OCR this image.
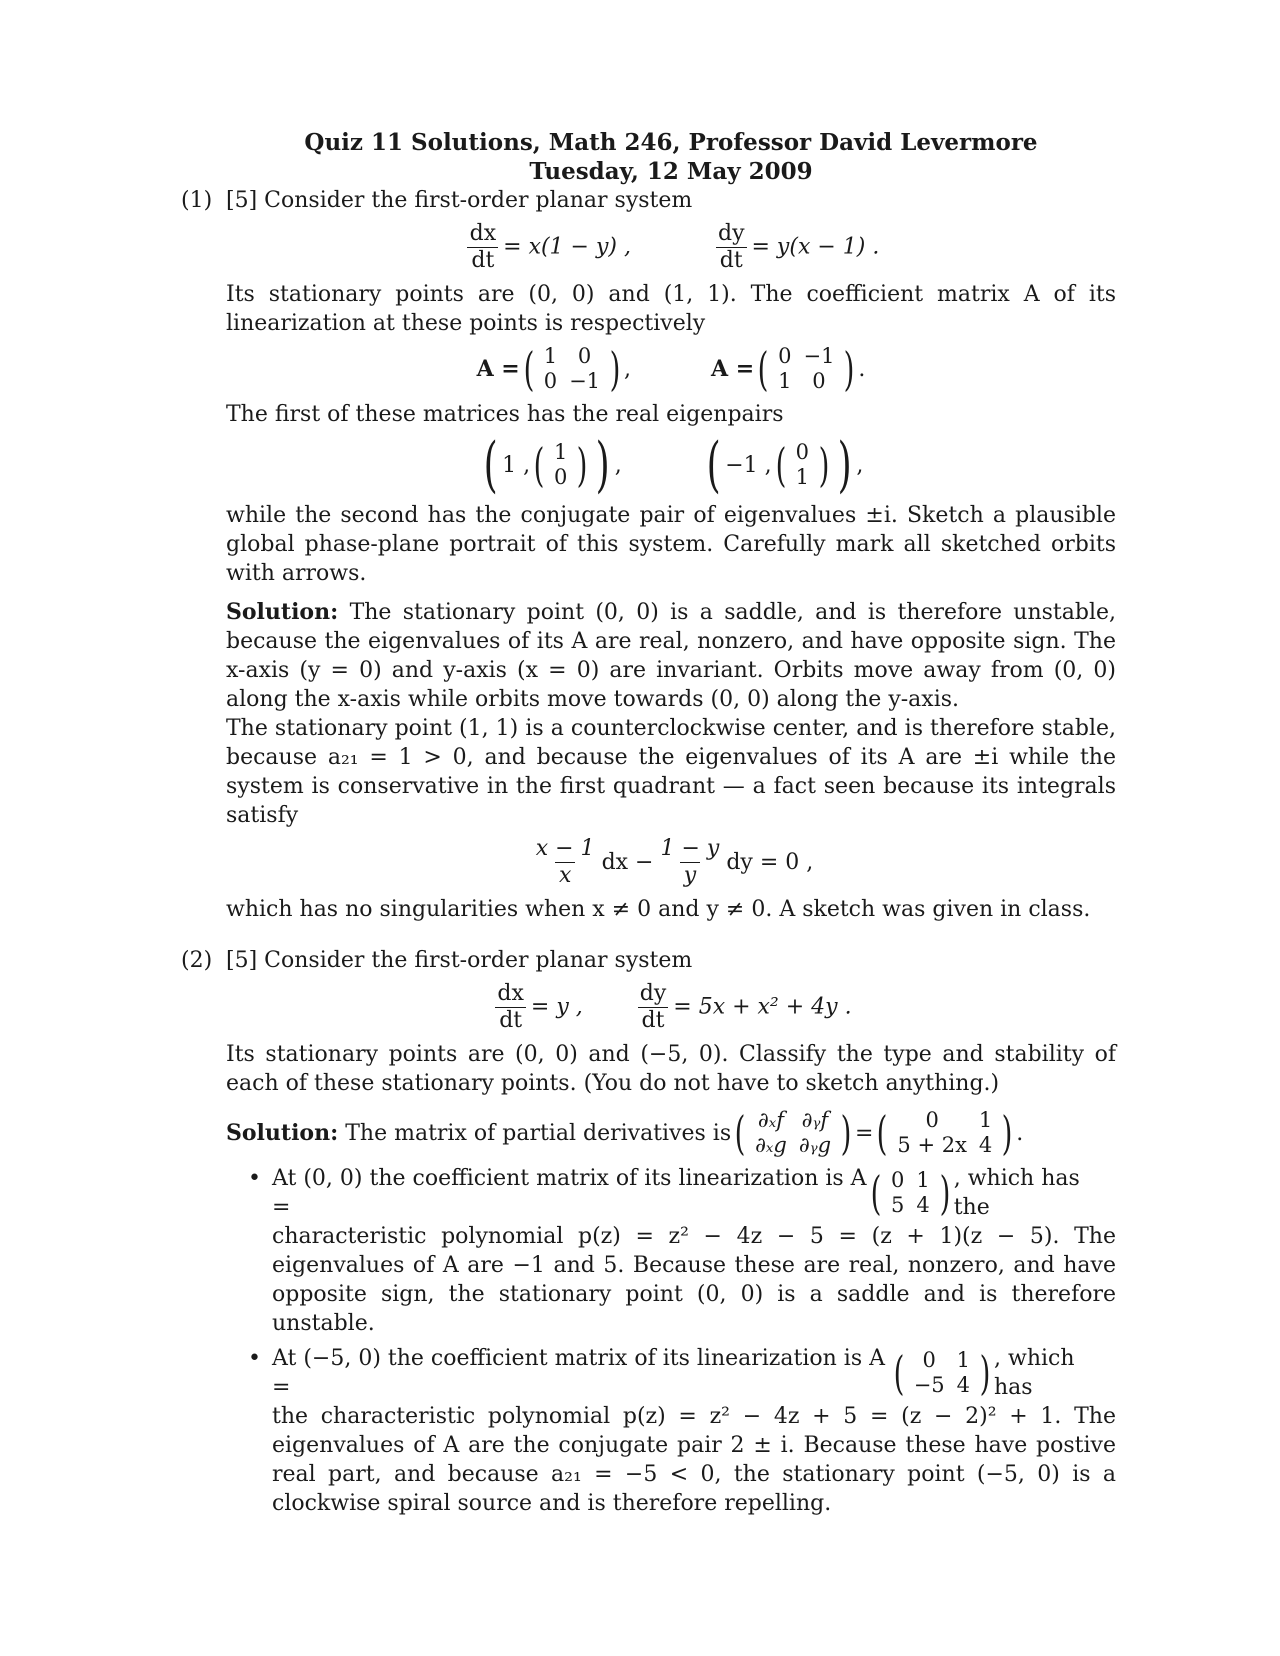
Quiz 11 Solutions, Math 246, Professor David Levermore
Tuesday, 12 May 2009
(1) [5] Consider the first-order planar system

$\frac{dx}{dt} = x(1 - y)$ ,	$\frac{dy}{dt} = y(x - 1)$ .

Its stationary points are (0, 0) and (1, 1). The coefficient matrix A of its linearization at these points is respectively

A = ( 1	0
0	−1 ) ,	A = ( 0	−1
1	0 ) .

The first of these matrices has the real eigenpairs

( 1 , ( 1
0 ) ) , ( −1 , ( 0
1 ) ) ,

while the second has the conjugate pair of eigenvalues ±i. Sketch a plausible global phase-plane portrait of this system. Carefully mark all sketched orbits with arrows.

Solution: The stationary point (0, 0) is a saddle, and is therefore unstable, because the eigenvalues of its A are real, nonzero, and have opposite sign. The x-axis (y = 0) and y-axis (x = 0) are invariant. Orbits move away from (0, 0) along the x-axis while orbits move towards (0, 0) along the y-axis.

The stationary point (1, 1) is a counterclockwise center, and is therefore stable, because a₂₁ = 1 > 0, and because the eigenvalues of its A are ±i while the system is conservative in the first quadrant — a fact seen because its integrals satisfy

$\frac{x - 1}{x}$ dx − $\frac{1 - y}{y}$ dy = 0 ,

which has no singularities when x ≠ 0 and y ≠ 0. A sketch was given in class.

(2) [5] Consider the first-order planar system

$\frac{dx}{dt} = y$ , $\frac{dy}{dt} = 5x + x^2 + 4y$ .

Its stationary points are (0, 0) and (−5, 0). Classify the type and stability of each of these stationary points. (You do not have to sketch anything.)

Solution:
The matrix of partial derivatives is ( ∂ₓf	∂ᵧf
∂ₓg	∂ᵧg ) = ( 0	1
5 + 2x	4 ) .
• At (0, 0) the coefficient matrix of its linearization is A =	( 0	1
5	4 ) , which has the

characteristic polynomial p(z) = z² − 4z − 5 = (z + 1)(z − 5). The eigenvalues of A are −1 and 5. Because these are real, nonzero, and have opposite sign, the stationary point (0, 0) is a saddle and is therefore unstable.

• At (−5, 0) the coefficient matrix of its linearization is A =	( 0	1
−5	4 ) , which has

the characteristic polynomial p(z) = z² − 4z + 5 = (z − 2)² + 1. The eigenvalues of A are the conjugate pair 2 ± i. Because these have postive real part, and because a₂₁ = −5 < 0, the stationary point (−5, 0) is a clockwise spiral source and is therefore repelling.
